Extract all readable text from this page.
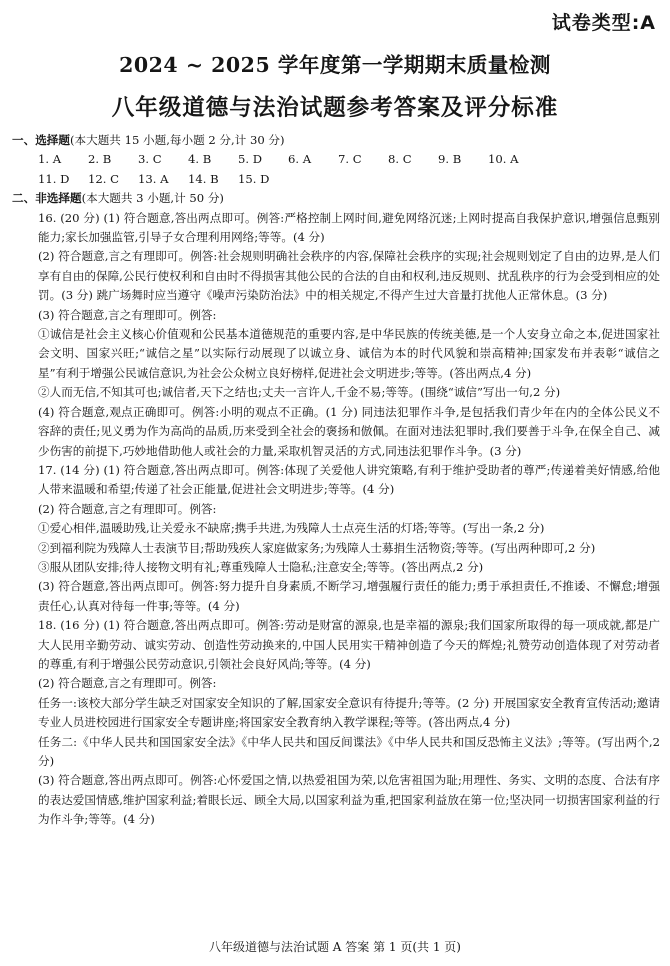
试卷类型:A
2024 ~ 2025 学年度第一学期期末质量检测
八年级道德与法治试题参考答案及评分标准
一、选择题(本大题共 15 小题,每小题 2 分,计 30 分)
1. A	2. B	3. C	4. B	5. D	6. A	7. C	8. C	9. B	10. A
11. D	12. C	13. A	14. B	15. D
二、非选择题(本大题共 3 小题,计 50 分)

16. (20 分) (1) 符合题意,答出两点即可。例答:严格控制上网时间,避免网络沉迷;上网时提高自我保护意识,增强信息甄别能力;家长加强监管,引导子女合理利用网络;等等。(4 分)

(2) 符合题意,言之有理即可。例答:社会规则明确社会秩序的内容,保障社会秩序的实现;社会规则划定了自由的边界,是人们享有自由的保障,公民行使权利和自由时不得损害其他公民的合法的自由和权利,违反规则、扰乱秩序的行为会受到相应的处罚。(3 分) 跳广场舞时应当遵守《噪声污染防治法》中的相关规定,不得产生过大音量打扰他人正常休息。(3 分)

(3) 符合题意,言之有理即可。例答:

①诚信是社会主义核心价值观和公民基本道德规范的重要内容,是中华民族的传统美德,是一个人安身立命之本,促进国家社会文明、国家兴旺;“诚信之星”以实际行动展现了以诚立身、诚信为本的时代风貌和崇高精神;国家发布并表彰“诚信之星”有利于增强公民诚信意识,为社会公众树立良好榜样,促进社会文明进步;等等。(答出两点,4 分)

②人而无信,不知其可也;诚信者,天下之结也;丈夫一言许人,千金不易;等等。(围绕“诚信”写出一句,2 分)

(4) 符合题意,观点正确即可。例答:小明的观点不正确。(1 分) 同违法犯罪作斗争,是包括我们青少年在内的全体公民义不容辞的责任;见义勇为作为高尚的品质,历来受到全社会的褒扬和倣佩。在面对违法犯罪时,我们要善于斗争,在保全自己、减少伤害的前提下,巧妙地借助他人或社会的力量,采取机智灵活的方式,同违法犯罪作斗争。(3 分)

17. (14 分) (1) 符合题意,答出两点即可。例答:体现了关爱他人讲究策略,有利于维护受助者的尊严;传递着美好情感,给他人带来温暖和希望;传递了社会正能量,促进社会文明进步;等等。(4 分)

(2) 符合题意,言之有理即可。例答:

①爱心相伴,温暖助残,让关爱永不缺席;携手共进,为残障人士点亮生活的灯塔;等等。(写出一条,2 分)

②到福利院为残障人士表演节目;帮助残疾人家庭做家务;为残障人士募捐生活物资;等等。(写出两种即可,2 分)

③服从团队安排;待人接物文明有礼;尊重残障人士隐私;注意安全;等等。(答出两点,2 分)

(3) 符合题意,答出两点即可。例答:努力提升自身素质,不断学习,增强履行责任的能力;勇于承担责任,不推诿、不懈怠;增强责任心,认真对待每一件事;等等。(4 分)

18. (16 分) (1) 符合题意,答出两点即可。例答:劳动是财富的源泉,也是幸福的源泉;我们国家所取得的每一项成就,都是广大人民用辛勤劳动、诚实劳动、创造性劳动换来的,中国人民用实干精神创造了今天的辉煌;礼赞劳动创造体现了对劳动者的尊重,有利于增强公民劳动意识,引领社会良好风尚;等等。(4 分)

(2) 符合题意,言之有理即可。例答:

任务一:该校大部分学生缺乏对国家安全知识的了解,国家安全意识有待提升;等等。(2 分) 开展国家安全教育宣传活动;邀请专业人员进校园进行国家安全专题讲座;将国家安全教育纳入教学课程;等等。(答出两点,4 分)

任务二:《中华人民共和国国家安全法》《中华人民共和国反间谍法》《中华人民共和国反恐怖主义法》;等等。(写出两个,2 分)

(3) 符合题意,答出两点即可。例答:心怀爱国之情,以热爱祖国为荣,以危害祖国为耻;用理性、务实、文明的态度、合法有序的表达爱国情感,维护国家利益;着眼长远、顾全大局,以国家利益为重,把国家利益放在第一位;坚决同一切损害国家利益的行为作斗争;等等。(4 分)

八年级道德与法治试题 A 答案 第 1 页(共 1 页)
